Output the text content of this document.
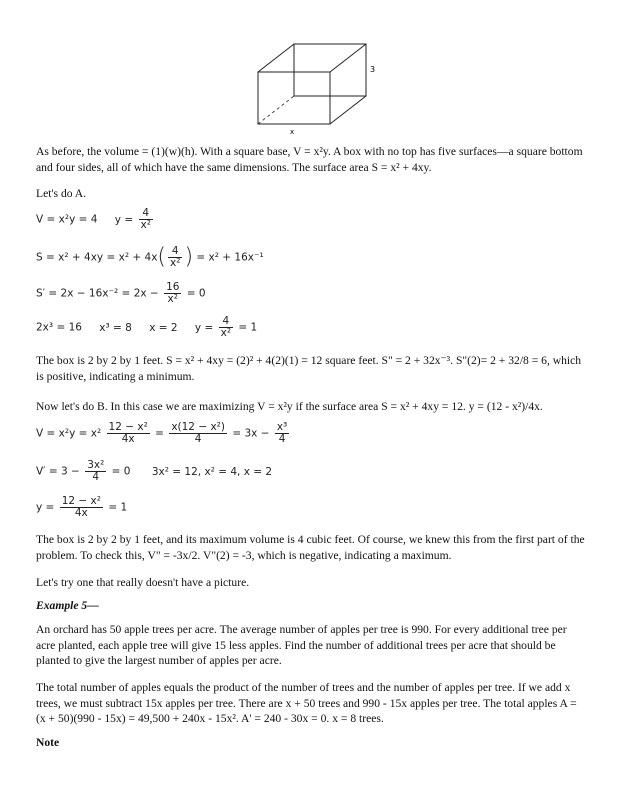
3
x
As before, the volume = (1)(w)(h). With a square base, V = x²y. A box with no top has five surfaces—a square bottom and four sides, all of which have the same dimensions. The surface area S = x² + 4xy.
Let's do A.
V = x²y = 4 $y = \frac{4}{\text{x²}}$
$S = x^2 + 4xy = x^2 + 4x( \frac{4}{\text{x²}}$ ) = x² + 16x⁻¹
$S' = 2x - 16x^{-2} = 2x - \frac{16}{\text{x²}} = 0$
2x³ = 16 x³ = 8 x = 2 $y = \frac{4}{\text{x²}} = 1$
The box is 2 by 2 by 1 feet. S = x² + 4xy = (2)² + 4(2)(1) = 12 square feet. S" = 2 + 32x⁻³. S"(2)= 2 + 32/8 = 6, which is positive, indicating a minimum.
Now let's do B. In this case we are maximizing V = x²y if the surface area S = x² + 4xy = 12. y = (12 - x²)/4x.
$V = x^2y = x^2 \frac{\text{12 − x²}}{4x} = \frac{\text{x(12 − x²)}}{4} = 3x - \frac{\text{x³}}{4}$
$V' = 3 - \frac{\text{3x²}}{4} = 0$ 3x² = 12, x² = 4, x = 2
$y = \frac{\text{12 − x²}}{4x} = 1$
The box is 2 by 2 by 1 feet, and its maximum volume is 4 cubic feet. Of course, we knew this from the first part of the problem. To check this, V" = -3x/2. V"(2) = -3, which is negative, indicating a maximum.
Let's try one that really doesn't have a picture.
Example 5—
An orchard has 50 apple trees per acre. The average number of apples per tree is 990. For every additional tree per acre planted, each apple tree will give 15 less apples. Find the number of additional trees per acre that should be planted to give the largest number of apples per acre.
The total number of apples equals the product of the number of trees and the number of apples per tree. If we add x trees, we must subtract 15x apples per tree. There are x + 50 trees and 990 - 15x apples per tree. The total apples A = (x + 50)(990 - 15x) = 49,500 + 240x - 15x². A' = 240 - 30x = 0. x = 8 trees.
Note
